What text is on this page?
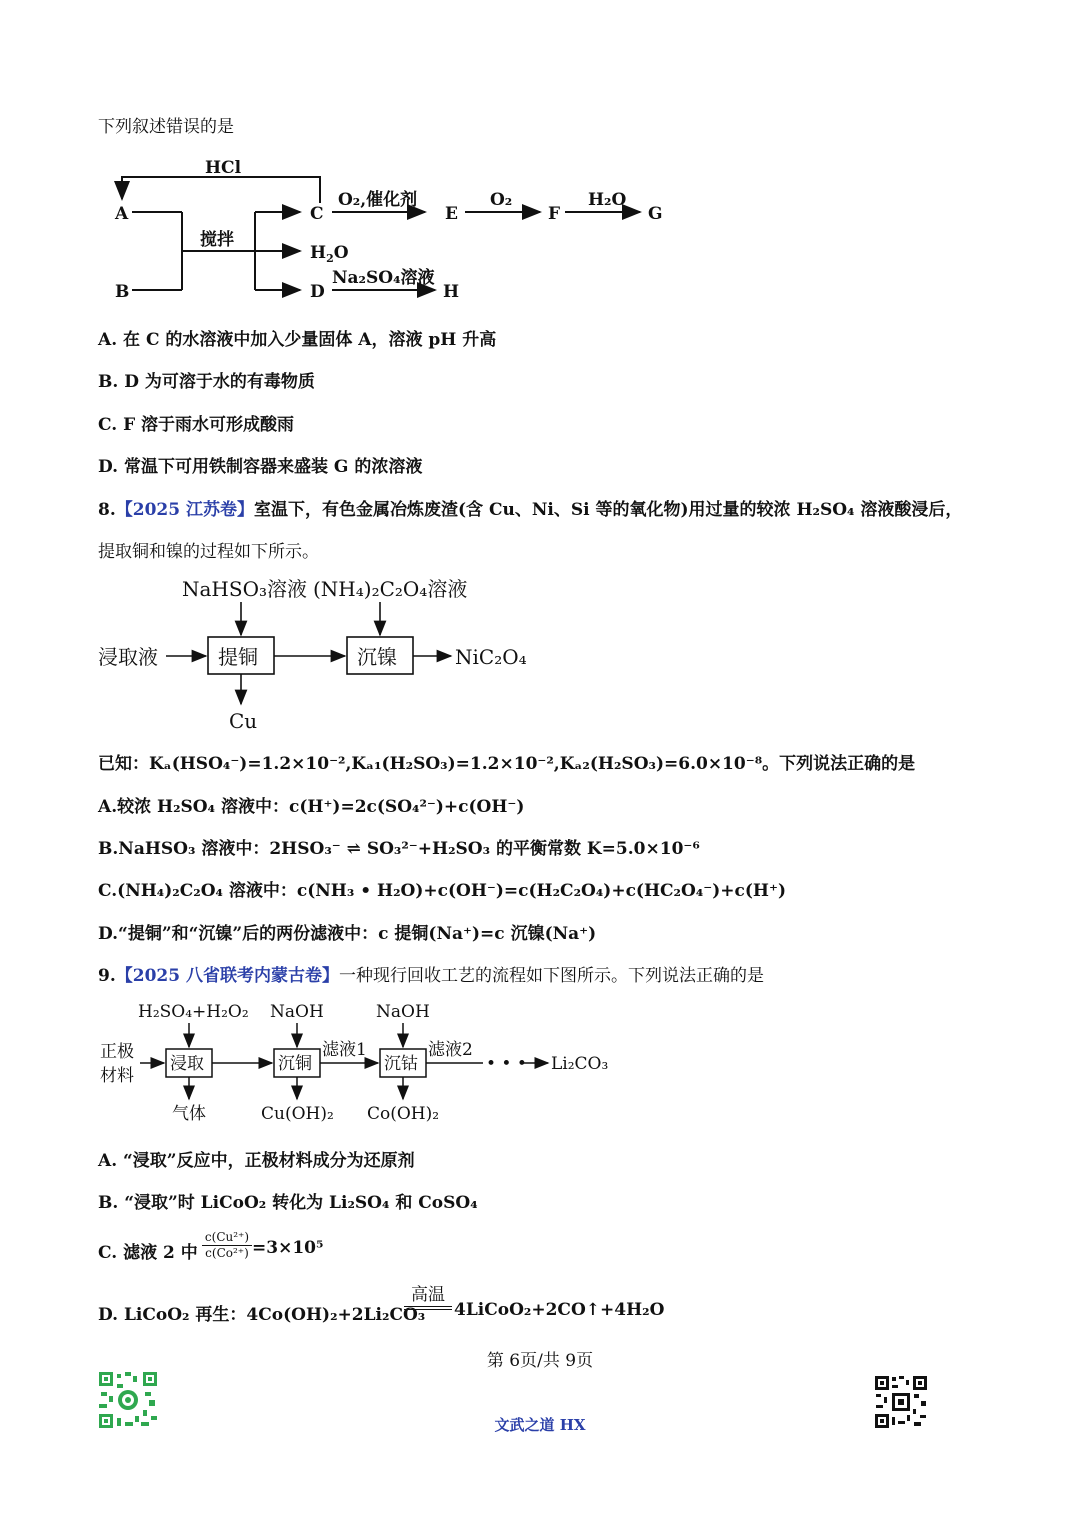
下列叙述错误的是
HCl
A
B
搅拌
C
$H_2O$
D
O₂,催化剂
E
O₂
F
H₂O
G
Na₂SO₄溶液
H
A. 在 C 的水溶液中加入少量固体 A，溶液 pH 升高
B. D 为可溶于水的有毒物质
C. F 溶于雨水可形成酸雨
D. 常温下可用铁制容器来盛装 G 的浓溶液
8.【2025 江苏卷】室温下，有色金属冶炼废渣(含 Cu、Ni、Si 等的氧化物)用过量的较浓 H₂SO₄ 溶液酸浸后，
提取铜和镍的过程如下所示。
NaHSO₃溶液 (NH₄)₂C₂O₄溶液
浸取液	提铜	沉镍	NiC₂O₄
Cu
已知：Kₐ(HSO₄⁻)=1.2×10⁻²,Kₐ₁(H₂SO₃)=1.2×10⁻²,Kₐ₂(H₂SO₃)=6.0×10⁻⁸。下列说法正确的是
A.较浓 H₂SO₄ 溶液中：c(H⁺)=2c(SO₄²⁻)+c(OH⁻)
B.NaHSO₃ 溶液中：2HSO₃⁻ ⇌ SO₃²⁻+H₂SO₃ 的平衡常数 K=5.0×10⁻⁶
C.(NH₄)₂C₂O₄ 溶液中：c(NH₃ • H₂O)+c(OH⁻)=c(H₂C₂O₄)+c(HC₂O₄⁻)+c(H⁺)
D.“提铜”和“沉镍”后的两份滤液中：c 提铜(Na⁺)=c 沉镍(Na⁺)
9.【2025 八省联考内蒙古卷】一种现行回收工艺的流程如下图所示。下列说法正确的是
H₂SO₄+H₂O₂ NaOH	NaOH
正极
材料
浸取	沉铜	沉钴
滤液1	滤液2
• • • Li₂CO₃
气体	Cu(OH)₂ Co(OH)₂
A. “浸取”反应中，正极材料成分为还原剂
B. “浸取”时 LiCoO₂ 转化为 Li₂SO₄ 和 CoSO₄
C. 滤液 2 中 $\frac{\text{c(Cu²⁺)}}{\text{c(Co²⁺)}} =3\times 10^5$
D. LiCoO₂ 再生：4Co(OH)₂+2Li₂CO₃
高温
4LiCoO₂+2CO↑+4H₂O
第 6页/共 9页
文武之道 HX
